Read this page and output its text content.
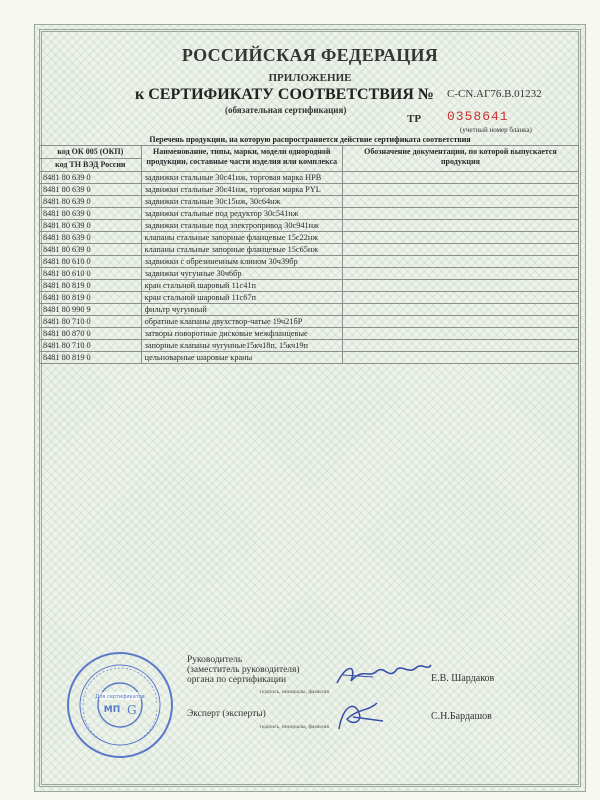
РОССИЙСКАЯ ФЕДЕРАЦИЯ
ПРИЛОЖЕНИЕ
к СЕРТИФИКАТУ СООТВЕТСТВИЯ № C-CN.АГ76.В.01232
(обязательная сертификация)
ТР 0358641
(учетный номер бланка)
Перечень продукции, на которую распространяется действие сертификата соответствия
код ОК 005 (ОКП)	Наименование, типы, марки, модели однородной продукции, составные части изделия или комплекса	Обозначение документации, по которой выпускается продукция
код ТН ВЭД России		
8481 80 639 0	задвижки стальные 30с41нж, торговая марка HPB	
8481 80 639 0	задвижки стальные 30с41нж, торговая марка PYL	
8481 80 639 0	задвижки стальные 30с15нж, 30с64нж	
8481 80 639 0	задвижки стальные под редуктор 30с541нж	
8481 80 639 0	задвижки стальные под электропривод 30с941нж	
8481 80 639 0	клапаны стальные запорные фланцевые 15с22нж	
8481 80 639 0	клапаны стальные запорные фланцевые 15с65нж	
8481 80 610 0	задвижки с обрезиненным клином 30ч39бр	
8481 80 610 0	задвижки чугунные 30ч6бр	
8481 80 819 0	кран стальной шаровый 11с41п	
8481 80 819 0	кран стальной шаровый 11с67п	
8481 80 990 9	фильтр чугунный	
8481 80 710 0	обратные клапаны двухствор-чатые 19ч21бР	
8481 80 870 0	затворы поворотные дисковые межфланцевые	
8481 80 710 0	запорные клапаны чугунные15кч18п, 15кч19п	
8481 80 819 0	цельноварные шаровые краны	
Для сертификатов
МП G
Руководитель
(заместитель руководителя)
органа по сертификации
подпись, инициалы, фамилия
Е.В. Шардаков
Эксперт (эксперты)
подпись, инициалы, фамилия
С.Н.Бардашов
— · — · — · — · — · — · — · — · — · — · — · — · — · — · — · — · — · —
